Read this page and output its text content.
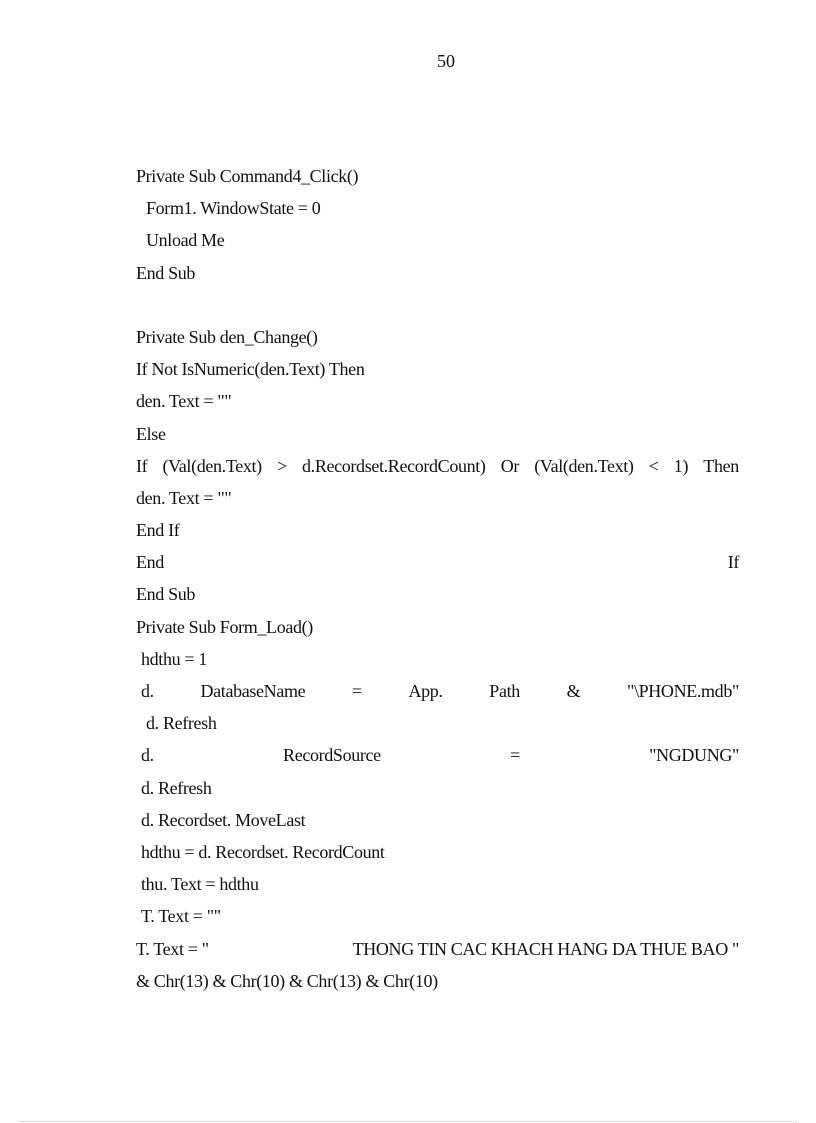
50
Private Sub Command4_Click()
Form1. WindowState = 0
Unload Me
End Sub
Private Sub den_Change()
If Not IsNumeric(den.Text) Then
den. Text = ""
Else
If (Val(den.Text) > d.Recordset.RecordCount) Or (Val(den.Text) < 1) Then
den. Text = ""
End If
End	If
End Sub
Private Sub Form_Load()
hdthu = 1
d.	DatabaseName	=	App.	Path	&	"\PHONE.mdb"
d. Refresh
d.	RecordSource	=	"NGDUNG"
d. Refresh
d. Recordset. MoveLast
hdthu = d. Recordset. RecordCount
thu. Text = hdthu
T. Text = ""
T. Text = "	THONG TIN CAC KHACH HANG DA THUE BAO "
& Chr(13) & Chr(10) & Chr(13) & Chr(10)
